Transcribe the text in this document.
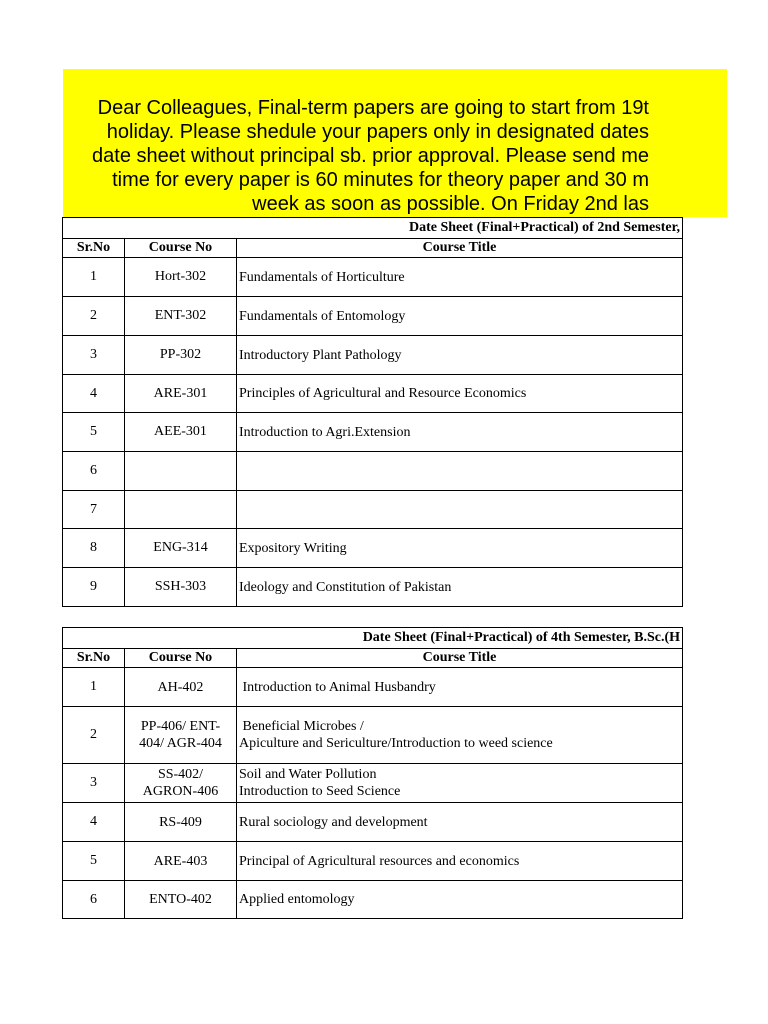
Dear Colleagues, Final-term papers are going to start from 19t
holiday. Please shedule your papers only in designated dates
date sheet without principal sb. prior approval. Please send me
time for every paper is 60 minutes for theory paper and 30 m
week as soon as possible. On Friday 2nd las
Date Sheet (Final+Practical) of 2nd Semester,		
Sr.No	Course No	Course Title
1	Hort-302	Fundamentals of Horticulture
2	ENT-302	Fundamentals of Entomology
3	PP-302	Introductory Plant Pathology
4	ARE-301	Principles of Agricultural and Resource Economics
5	AEE-301	Introduction to Agri.Extension
6		
7		
8	ENG-314	Expository Writing
9	SSH-303	Ideology and Constitution of Pakistan
Date Sheet (Final+Practical) of 4th Semester, B.Sc.(H		
Sr.No	Course No	Course Title
1	AH-402	Introduction to Animal Husbandry
2	PP-406/ ENT-
404/ AGR-404	Beneficial Microbes /
Apiculture and Sericulture/Introduction to weed science
3	SS-402/
AGRON-406	Soil and Water Pollution
Introduction to Seed Science
4	RS-409	Rural sociology and development
5	ARE-403	Principal of Agricultural resources and economics
6	ENTO-402	Applied entomology
